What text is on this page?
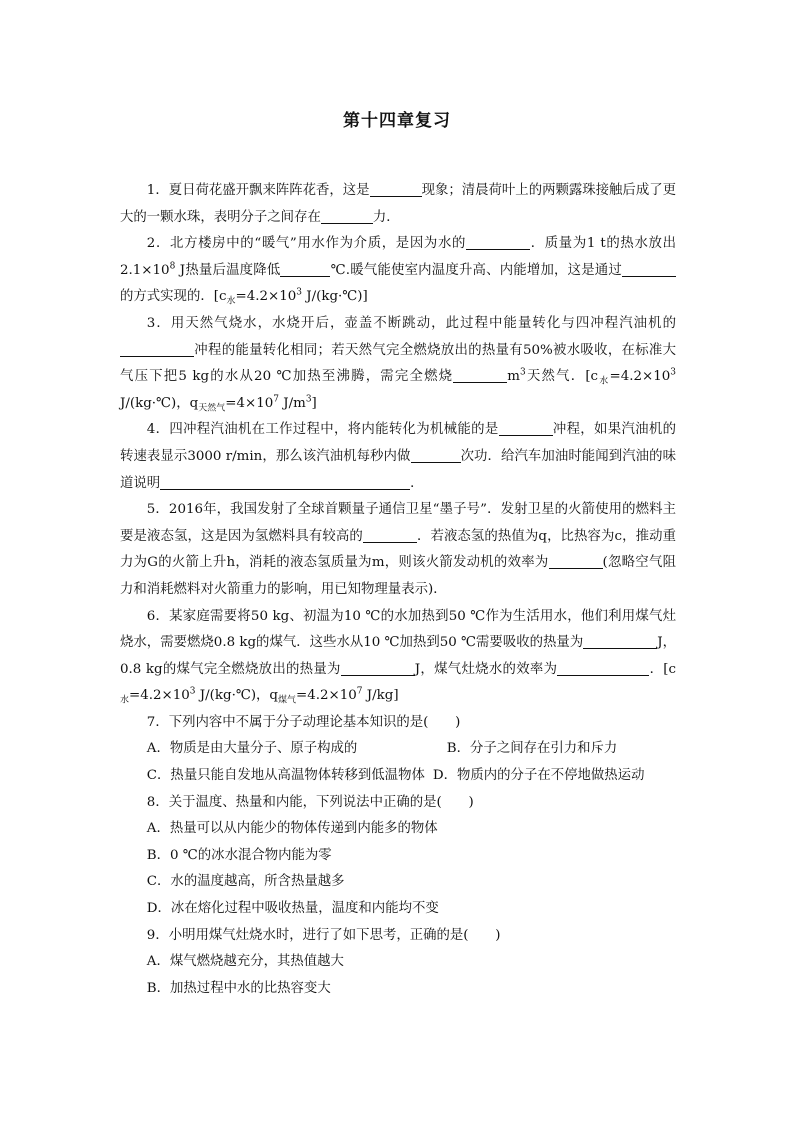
第十四章复习

1．夏日荷花盛开飘来阵阵花香，这是	现象；清晨荷叶上的两颗露珠接触后成了更大的一颗水珠，表明分子之间存在	力．

2．北方楼房中的“暖气”用水作为介质，是因为水的	．质量为1 t的热水放出$2.1\times 10^8$ J热量后温度降低	℃.暖气能使室内温度升高、内能增加，这是通过的方式实现的．[$c_水=4.2\times 10^3$ J/(kg·℃)]

3．用天然气烧水，水烧开后，壶盖不断跳动，此过程中能量转化与四冲程汽油机的冲程的能量转化相同；若天然气完全燃烧放出的热量有50%被水吸收，在标准大气压下把5 kg的水从20 ℃加热至沸腾，需完全燃烧	$m^3$天然气．[$c_水=4.2\times 10^3$ J/(kg·℃)，$q_{天然气}=4\times 10^7$ $J/m^3$]

4．四冲程汽油机在工作过程中，将内能转化为机械能的是	冲程，如果汽油机的转速表显示3000 r/min，那么该汽油机每秒内做	次功．给汽车加油时能闻到汽油的味道说明	．

5．2016年，我国发射了全球首颗量子通信卫星“墨子号”．发射卫星的火箭使用的燃料主要是液态氢，这是因为氢燃料具有较高的	．若液态氢的热值为q，比热容为c，推动重力为G的火箭上升h，消耗的液态氢质量为m，则该火箭发动机的效率为	(忽略空气阻力和消耗燃料对火箭重力的影响，用已知物理量表示)．

6．某家庭需要将50 kg、初温为10 ℃的水加热到50 ℃作为生活用水，他们利用煤气灶烧水，需要燃烧0.8 kg的煤气．这些水从10 ℃加热到50 ℃需要吸收的热量为	J，0.8 kg的煤气完全燃烧放出的热量为	J，煤气灶烧水的效率为	．[$c_水=4.2\times 10^3$ J/(kg·℃)，$q_{煤气}=4.2\times 10^7$ J/kg]

7．下列内容中不属于分子动理论基本知识的是(　　)

A．物质是由大量分子、原子构成的	B．分子之间存在引力和斥力
C．热量只能自发地从高温物体转移到低温物体 D．物质内的分子在不停地做热运动

8．关于温度、热量和内能，下列说法中正确的是(　　)

A．热量可以从内能少的物体传递到内能多的物体

B．0 ℃的冰水混合物内能为零

C．水的温度越高，所含热量越多

D．冰在熔化过程中吸收热量，温度和内能均不变

9．小明用煤气灶烧水时，进行了如下思考，正确的是(　　)

A．煤气燃烧越充分，其热值越大

B．加热过程中水的比热容变大
